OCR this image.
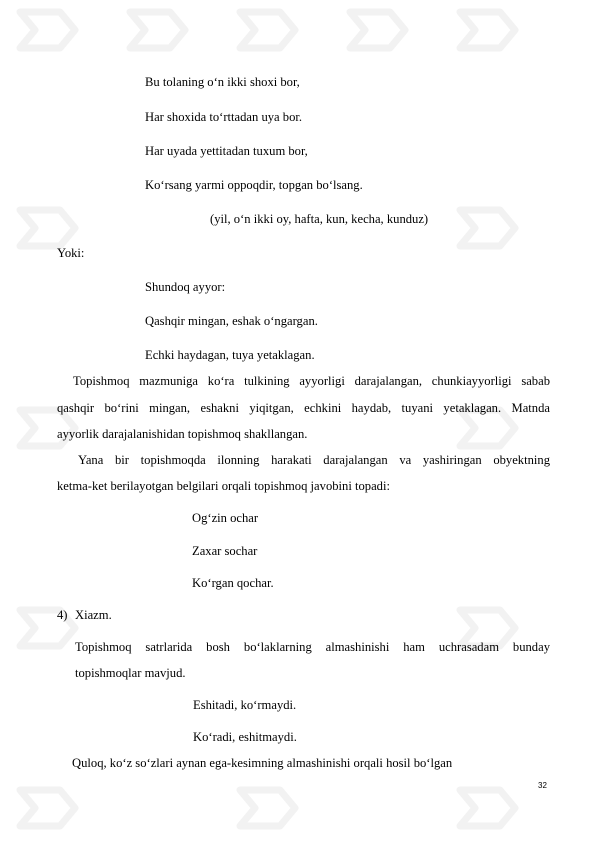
Bu tolaning o‘n ikki shoxi bor,
Har shoxida to‘rttadan uya bor.
Har uyada yettitadan tuxum bor,
Ko‘rsang yarmi oppoqdir, topgan bo‘lsang.
(yil, o‘n ikki oy, hafta, kun, kecha, kunduz)
Yoki:
Shundoq ayyor:
Qashqir mingan, eshak o‘ngargan.
Echki haydagan, tuya yetaklagan.
Topishmoq mazmuniga ko‘ra tulkining ayyorligi darajalangan, chunkiayyorligi sabab
qashqir bo‘rini mingan, eshakni yiqitgan, echkini haydab, tuyani yetaklagan. Matnda
ayyorlik darajalanishidan topishmoq shakllangan.
Yana bir topishmoqda ilonning harakati darajalangan va yashiringan obyektning
ketma-ket berilayotgan belgilari orqali topishmoq javobini topadi:
Og‘zin ochar
Zaxar sochar
Ko‘rgan qochar.
4) Xiazm.
Topishmoq satrlarida bosh bo‘laklarning almashinishi ham uchrasadam bunday
topishmoqlar mavjud.
Eshitadi, ko‘rmaydi.
Ko‘radi, eshitmaydi.
Quloq, ko‘z so‘zlari aynan ega-kesimning almashinishi orqali hosil bo‘lgan
32
